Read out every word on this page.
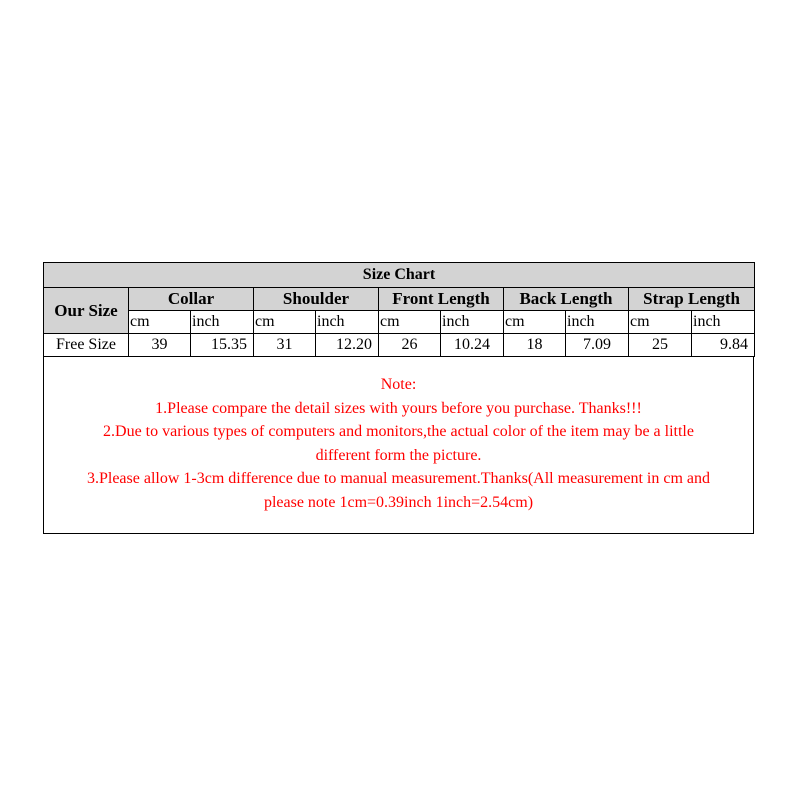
Size Chart										
Our Size	Collar		Shoulder		Front Length		Back Length		Strap Length	
	cm	inch	cm	inch	cm	inch	cm	inch	cm	inch
Free Size	39	15.35	31	12.20	26	10.24	18	7.09	25	9.84

Note:

1.Please compare the detail sizes with yours before you purchase. Thanks!!!

2.Due to various types of computers and monitors,the actual color of the item may be a little

different form the picture.

3.Please allow 1-3cm difference due to manual measurement.Thanks(All measurement in cm and

please note 1cm=0.39inch 1inch=2.54cm)
